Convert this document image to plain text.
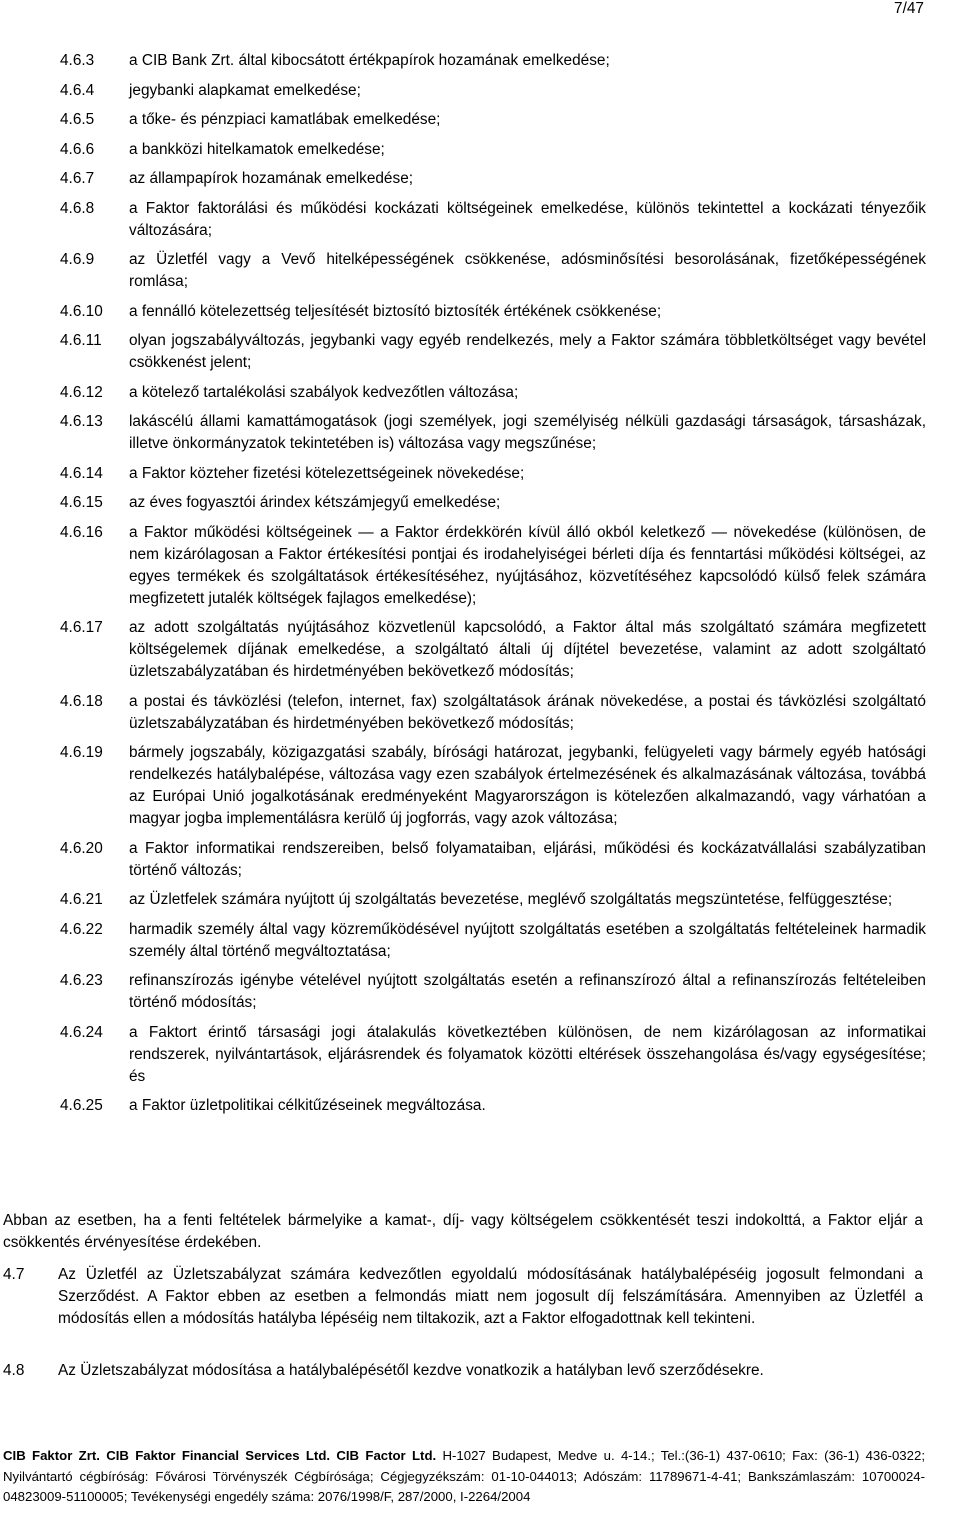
7/47
4.6.3	a CIB Bank Zrt. által kibocsátott értékpapírok hozamának emelkedése;
4.6.4	jegybanki alapkamat emelkedése;
4.6.5	a tőke- és pénzpiaci kamatlábak emelkedése;
4.6.6	a bankközi hitelkamatok emelkedése;
4.6.7	az állampapírok hozamának emelkedése;
4.6.8	a Faktor faktorálási és működési kockázati költségeinek emelkedése, különös tekintettel a kockázati tényezőik változására;
4.6.9	az Üzletfél vagy a Vevő hitelképességének csökkenése, adósminősítési besorolásának, fizetőképességének romlása;
4.6.10	a fennálló kötelezettség teljesítését biztosító biztosíték értékének csökkenése;
4.6.11	olyan jogszabályváltozás, jegybanki vagy egyéb rendelkezés, mely a Faktor számára többletköltséget vagy bevétel csökkenést jelent;
4.6.12	a kötelező tartalékolási szabályok kedvezőtlen változása;
4.6.13	lakáscélú állami kamattámogatások (jogi személyek, jogi személyiség nélküli gazdasági társaságok, társasházak, illetve önkormányzatok tekintetében is) változása vagy megszűnése;
4.6.14	a Faktor közteher fizetési kötelezettségeinek növekedése;
4.6.15	az éves fogyasztói árindex kétszámjegyű emelkedése;
4.6.16	a Faktor működési költségeinek ― a Faktor érdekkörén kívül álló okból keletkező ― növekedése (különösen, de nem kizárólagosan a Faktor értékesítési pontjai és irodahelyiségei bérleti díja és fenntartási működési költségei, az egyes termékek és szolgáltatások értékesítéséhez, nyújtásához, közvetítéséhez kapcsolódó külső felek számára megfizetett jutalék költségek fajlagos emelkedése);
4.6.17	az adott szolgáltatás nyújtásához közvetlenül kapcsolódó, a Faktor által más szolgáltató számára megfizetett költségelemek díjának emelkedése, a szolgáltató általi új díjtétel bevezetése, valamint az adott szolgáltató üzletszabályzatában és hirdetményében bekövetkező módosítás;
4.6.18	a postai és távközlési (telefon, internet, fax) szolgáltatások árának növekedése, a postai és távközlési szolgáltató üzletszabályzatában és hirdetményében bekövetkező módosítás;
4.6.19	bármely jogszabály, közigazgatási szabály, bírósági határozat, jegybanki, felügyeleti vagy bármely egyéb hatósági rendelkezés hatálybalépése, változása vagy ezen szabályok értelmezésének és alkalmazásának változása, továbbá az Európai Unió jogalkotásának eredményeként Magyarországon is kötelezően alkalmazandó, vagy várhatóan a magyar jogba implementálásra kerülő új jogforrás, vagy azok változása;
4.6.20	a Faktor informatikai rendszereiben, belső folyamataiban, eljárási, működési és kockázatvállalási szabályzatiban történő változás;
4.6.21	az Üzletfelek számára nyújtott új szolgáltatás bevezetése, meglévő szolgáltatás megszüntetése, felfüggesztése;
4.6.22	harmadik személy által vagy közreműködésével nyújtott szolgáltatás esetében a szolgáltatás feltételeinek harmadik személy által történő megváltoztatása;
4.6.23	refinanszírozás igénybe vételével nyújtott szolgáltatás esetén a refinanszírozó által a refinanszírozás feltételeiben történő módosítás;
4.6.24	a Faktort érintő társasági jogi átalakulás következtében különösen, de nem kizárólagosan az informatikai rendszerek, nyilvántartások, eljárásrendek és folyamatok közötti eltérések összehangolása és/vagy egységesítése; és
4.6.25	a Faktor üzletpolitikai célkitűzéseinek megváltozása.
Abban az esetben, ha a fenti feltételek bármelyike a kamat-, díj- vagy költségelem csökkentését teszi indokolttá, a Faktor eljár a csökkentés érvényesítése érdekében.
4.7	Az Üzletfél az Üzletszabályzat számára kedvezőtlen egyoldalú módosításának hatálybalépéséig jogosult felmondani a Szerződést. A Faktor ebben az esetben a felmondás miatt nem jogosult díj felszámítására. Amennyiben az Üzletfél a módosítás ellen a módosítás hatályba lépéséig nem tiltakozik, azt a Faktor elfogadottnak kell tekinteni.
4.8	Az Üzletszabályzat módosítása a hatálybalépésétől kezdve vonatkozik a hatályban levő szerződésekre.
CIB Faktor Zrt. CIB Faktor Financial Services Ltd. CIB Factor Ltd. H-1027 Budapest, Medve u. 4-14.; Tel.:(36-1) 437-0610; Fax: (36-1) 436-0322; Nyilvántartó cégbíróság: Fővárosi Törvényszék Cégbírósága; Cégjegyzékszám: 01-10-044013; Adószám: 11789671-4-41; Bankszámlaszám: 10700024-04823009-51100005; Tevékenységi engedély száma: 2076/1998/F, 287/2000, I-2264/2004
